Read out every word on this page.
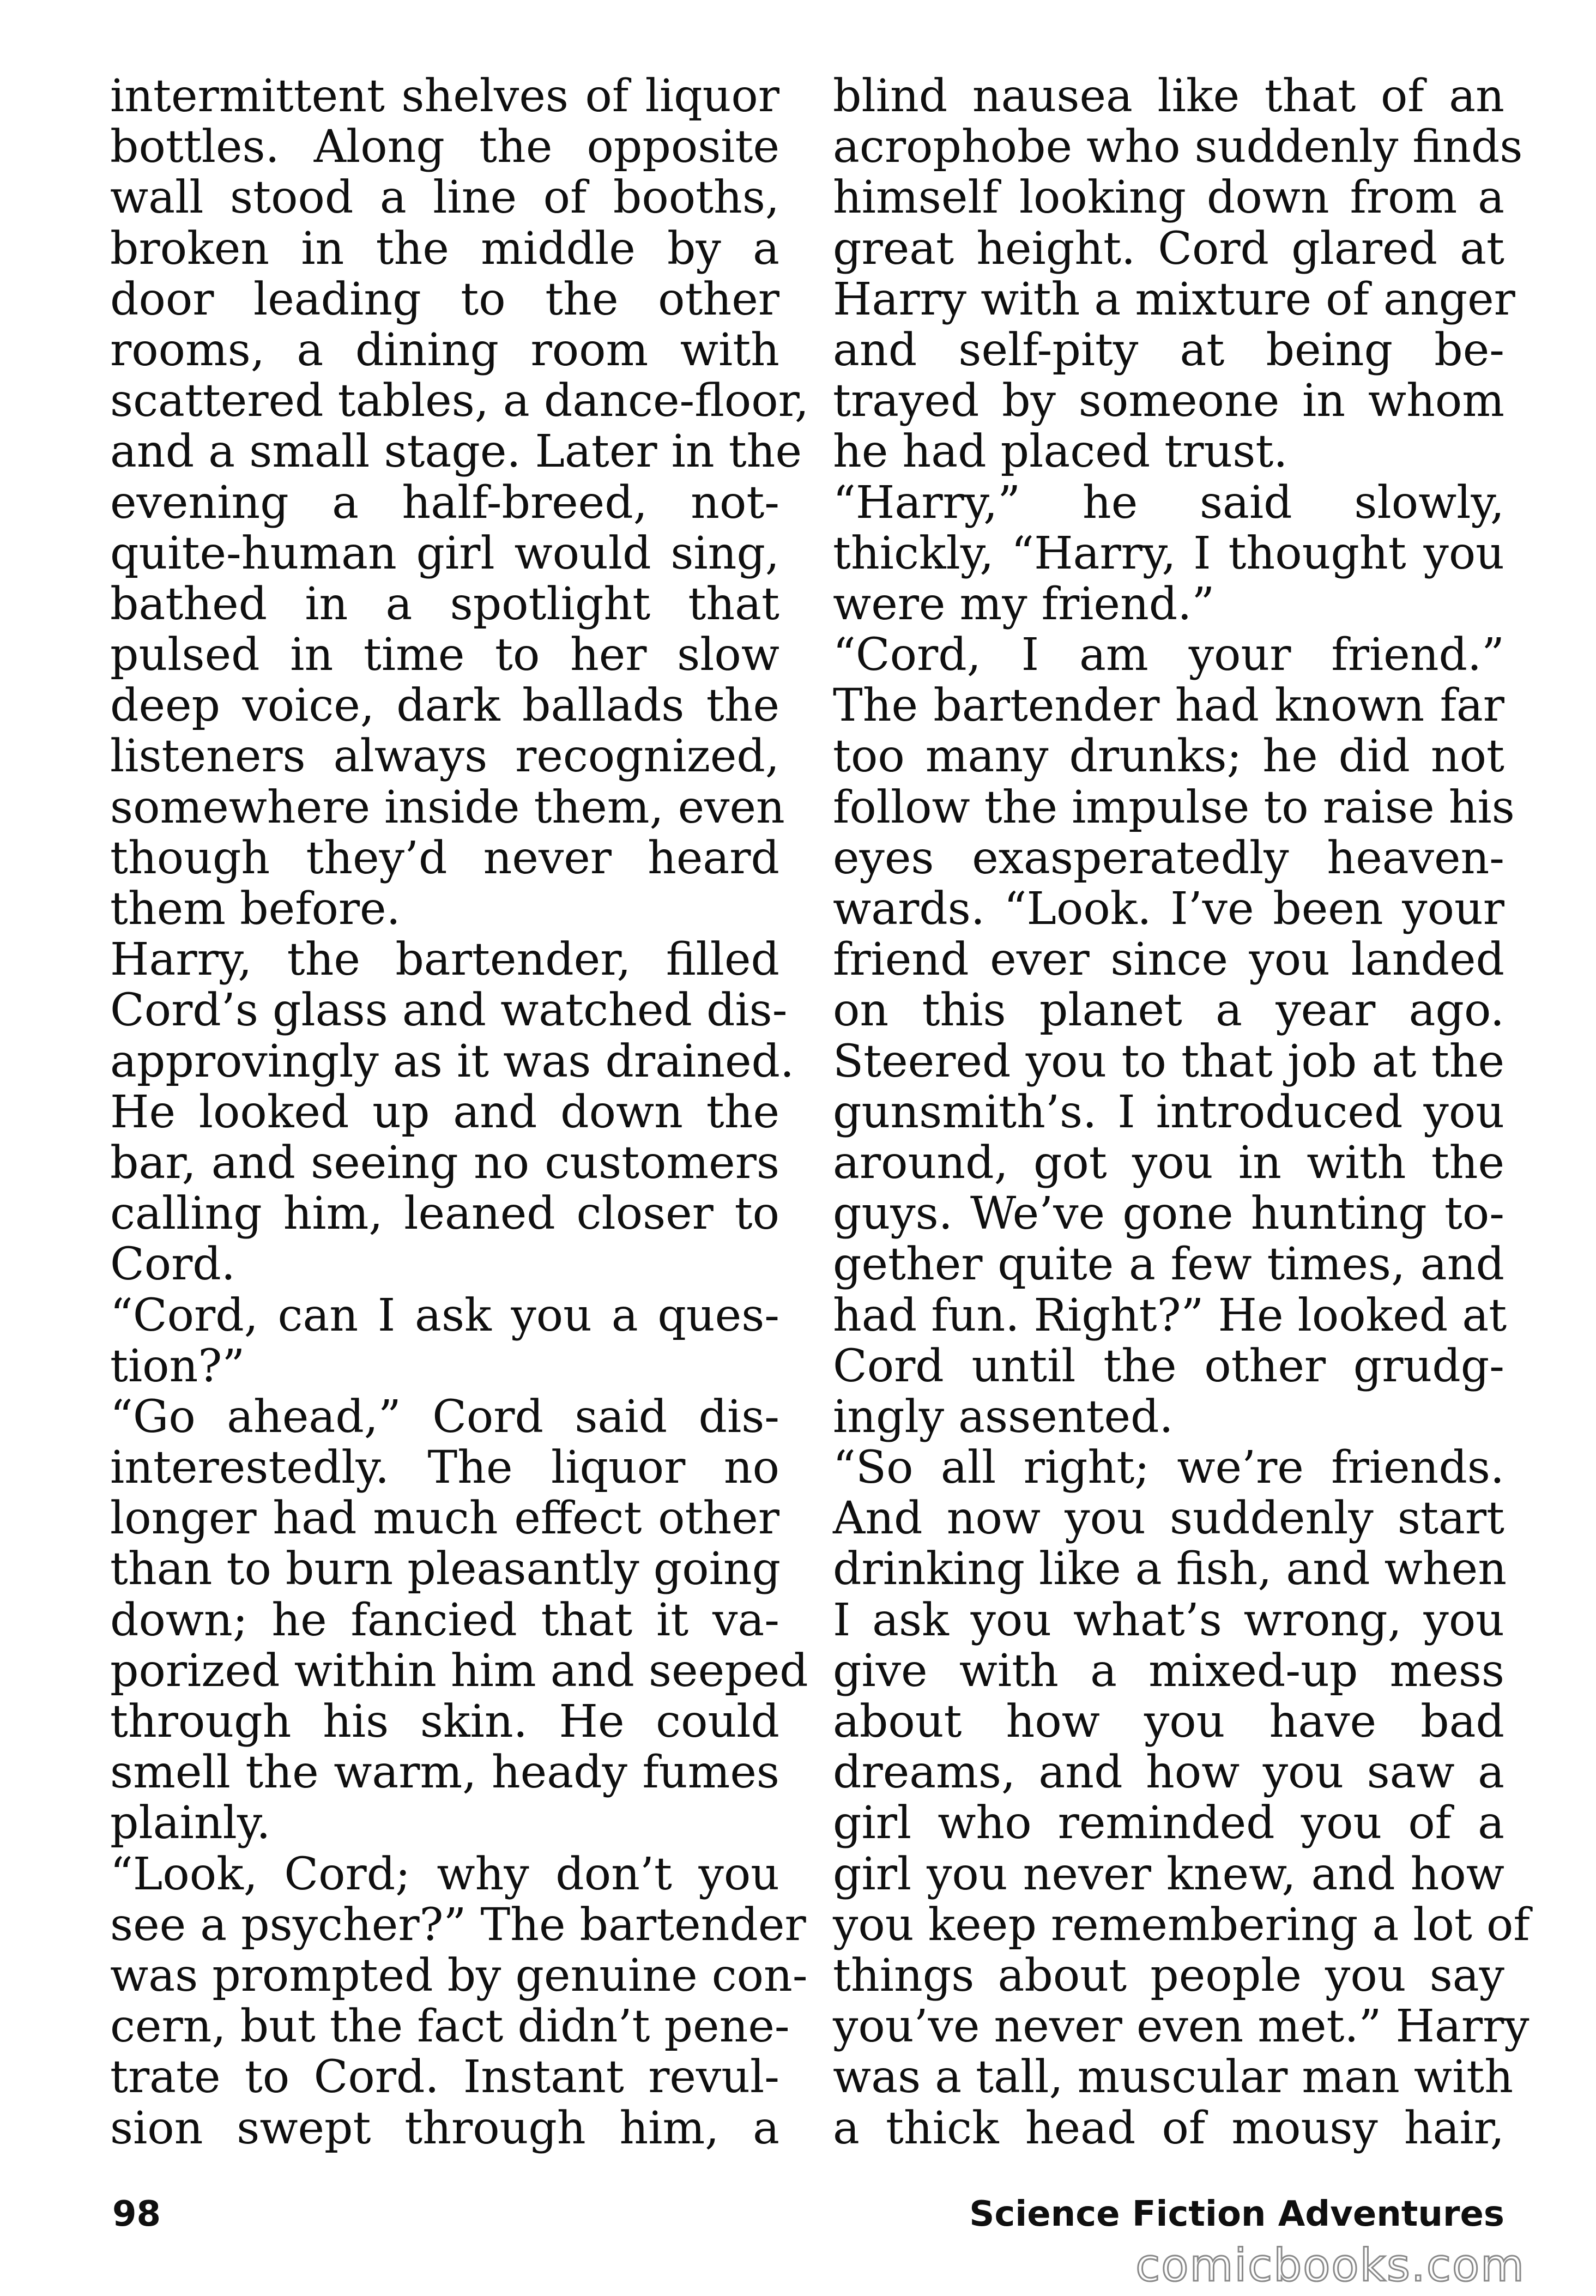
intermittent shelves of liquor
bottles. Along the opposite
wall stood a line of booths,
broken in the middle by a
door leading to the other
rooms, a dining room with
scattered tables, a dance-floor,
and a small stage. Later in the
evening a half-breed, not-
quite-human girl would sing,
bathed in a spotlight that
pulsed in time to her slow
deep voice, dark ballads the
listeners always recognized,
somewhere inside them, even
though they’d never heard
them before.
Harry, the bartender, filled
Cord’s glass and watched dis-
approvingly as it was drained.
He looked up and down the
bar, and seeing no customers
calling him, leaned closer to
Cord.
“Cord, can I ask you a ques-
tion?”
“Go ahead,” Cord said dis-
interestedly. The liquor no
longer had much effect other
than to burn pleasantly going
down; he fancied that it va-
porized within him and seeped
through his skin. He could
smell the warm, heady fumes
plainly.
“Look, Cord; why don’t you
see a psycher?” The bartender
was prompted by genuine con-
cern, but the fact didn’t pene-
trate to Cord. Instant revul-
sion swept through him, a
blind nausea like that of an
acrophobe who suddenly finds
himself looking down from a
great height. Cord glared at
Harry with a mixture of anger
and self-pity at being be-
trayed by someone in whom
he had placed trust.
“Harry,” he said slowly,
thickly, “Harry, I thought you
were my friend.”
“Cord, I am your friend.”
The bartender had known far
too many drunks; he did not
follow the impulse to raise his
eyes exasperatedly heaven-
wards. “Look. I’ve been your
friend ever since you landed
on this planet a year ago.
Steered you to that job at the
gunsmith’s. I introduced you
around, got you in with the
guys. We’ve gone hunting to-
gether quite a few times, and
had fun. Right?” He looked at
Cord until the other grudg-
ingly assented.
“So all right; we’re friends.
And now you suddenly start
drinking like a fish, and when
I ask you what’s wrong, you
give with a mixed-up mess
about how you have bad
dreams, and how you saw a
girl who reminded you of a
girl you never knew, and how
you keep remembering a lot of
things about people you say
you’ve never even met.” Harry
was a tall, muscular man with
a thick head of mousy hair,
98	Science Fiction Adventures
comicbooks.com
